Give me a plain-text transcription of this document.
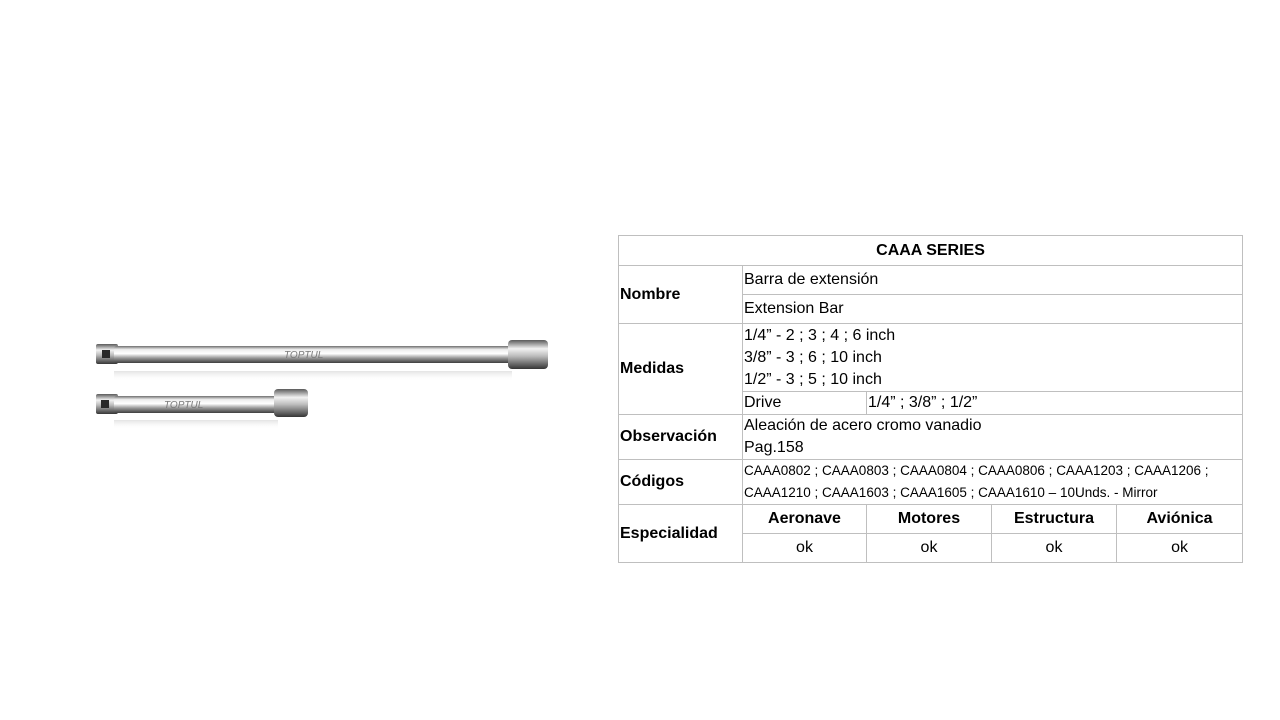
TOPTUL
TOPTUL
CAAA SERIES				
Nombre	Barra de extensión			
	Extension Bar			
Medidas	1/4” - 2 ; 3 ; 4 ; 6 inch
3/8” - 3 ; 6 ; 10 inch
1/2” - 3 ; 5 ; 10 inch			

	Drive	1/4” ; 3/8” ; 1/2”		
Observación	Aleación de acero cromo vanadio
Pag.158			

Códigos	CAAA0802 ; CAAA0803 ; CAAA0804 ; CAAA0806 ; CAAA1203 ; CAAA1206 ;
CAAA1210 ; CAAA1603 ; CAAA1605 ; CAAA1610 – 10Unds. - Mirror			

Especialidad	Aeronave	Motores	Estructura	Aviónica
	ok	ok	ok	ok
